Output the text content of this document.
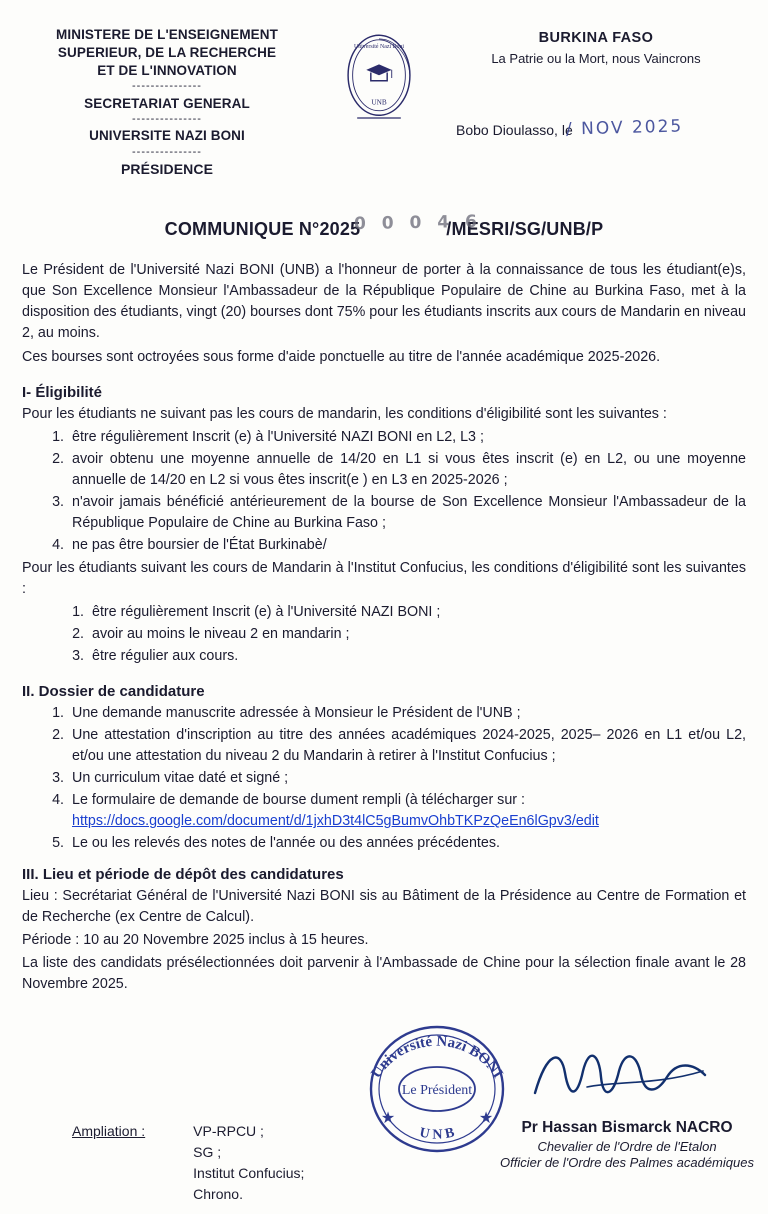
MINISTERE DE L'ENSEIGNEMENT
SUPERIEUR, DE LA RECHERCHE
ET DE L'INNOVATION
---------------
SECRETARIAT GENERAL
---------------
UNIVERSITE NAZI BONI
---------------
PRÉSIDENCE
Université Nazi Boni
UNB
BURKINA FASO
La Patrie ou la Mort, nous Vaincrons
Bobo Dioulasso, le
/ NOV 2025
COMMUNIQUE N°2025
0 0 0 4 6
/MESRI/SG/UNB/P

Le Président de l'Université Nazi BONI (UNB) a l'honneur de porter à la connaissance de tous les étudiant(e)s, que Son Excellence Monsieur l'Ambassadeur de la République Populaire de Chine au Burkina Faso, met à la disposition des étudiants, vingt (20) bourses dont 75% pour les étudiants inscrits aux cours de Mandarin en niveau 2, au moins.

Ces bourses sont octroyées sous forme d'aide ponctuelle au titre de l'année académique 2025-2026.

I- Éligibilité
Pour les étudiants ne suivant pas les cours de mandarin, les conditions d'éligibilité sont les suivantes :
1. être régulièrement Inscrit (e) à l'Université NAZI BONI en L2, L3 ;
2. avoir obtenu une moyenne annuelle de 14/20 en L1 si vous êtes inscrit (e) en L2, ou une moyenne annuelle de 14/20 en L2 si vous êtes inscrit(e ) en L3 en 2025-2026 ;
3. n'avoir jamais bénéficié antérieurement de la bourse de Son Excellence Monsieur l'Ambassadeur de la République Populaire de Chine au Burkina Faso ;
4. ne pas être boursier de l'État Burkinabè/
Pour les étudiants suivant les cours de Mandarin à l'Institut Confucius, les conditions d'éligibilité sont les suivantes :
1. être régulièrement Inscrit (e) à l'Université NAZI BONI ;
2. avoir au moins le niveau 2 en mandarin ;
3. être régulier aux cours.
II. Dossier de candidature
1. Une demande manuscrite adressée à Monsieur le Président de l'UNB ;
2. Une attestation d'inscription au titre des années académiques 2024-2025, 2025– 2026 en L1 et/ou L2, et/ou une attestation du niveau 2 du Mandarin à retirer à l'Institut Confucius ;
3. Un curriculum vitae daté et signé ;
4. Le formulaire de demande de bourse dument rempli (à télécharger sur :
https://docs.google.com/document/d/1jxhD3t4lC5gBumvOhbTKPzQeEn6lGpv3/edit
5. Le ou les relevés des notes de l'année ou des années précédentes.
III. Lieu et période de dépôt des candidatures
Lieu : Secrétariat Général de l'Université Nazi BONI sis au Bâtiment de la Présidence au Centre de Formation et de Recherche (ex Centre de Calcul).
Période : 10 au 20 Novembre 2025 inclus à 15 heures.
La liste des candidats présélectionnées doit parvenir à l'Ambassade de Chine pour la sélection finale avant le 28 Novembre 2025.
Université Nazi BONI
U N B
Le Président
★	★
Pr Hassan Bismarck NACRO
Chevalier de l'Ordre de l'Etalon
Officier de l'Ordre des Palmes académiques
Ampliation :	VP-RPCU ;
SG ;
Institut Confucius;
Chrono.
